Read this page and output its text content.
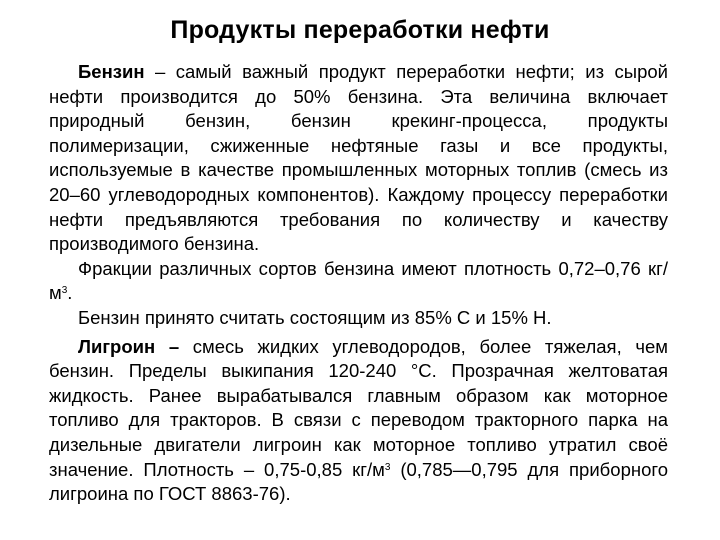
Продукты переработки нефти

Бензин – самый важный продукт переработки нефти; из сырой нефти производится до 50% бензина. Эта величина включает природный бензин, бензин крекинг-процесса, продукты полимеризации, сжиженные нефтяные газы и все продукты, используемые в качестве промышленных моторных топлив (смесь из 20–60 углеводородных компонентов). Каждому процессу переработки нефти предъявляются требования по количеству и качеству производимого бензина.

Фракции различных сортов бензина имеют плотность 0,72–0,76 $кг/м^3$.

Бензин принято считать состоящим из 85% С и 15% Н.

Лигроин – смесь жидких углеводородов, более тяжелая, чем бензин. Пределы выкипания 120-240 °С. Прозрачная желтоватая жидкость. Ранее вырабатывался главным образом как моторное топливо для тракторов. В связи с переводом тракторного парка на дизельные двигатели лигроин как моторное топливо утратил своё значение. Плотность – 0,75-0,85 $кг/м^3$ (0,785—0,795 для приборного лигроина по ГОСТ 8863-76).
